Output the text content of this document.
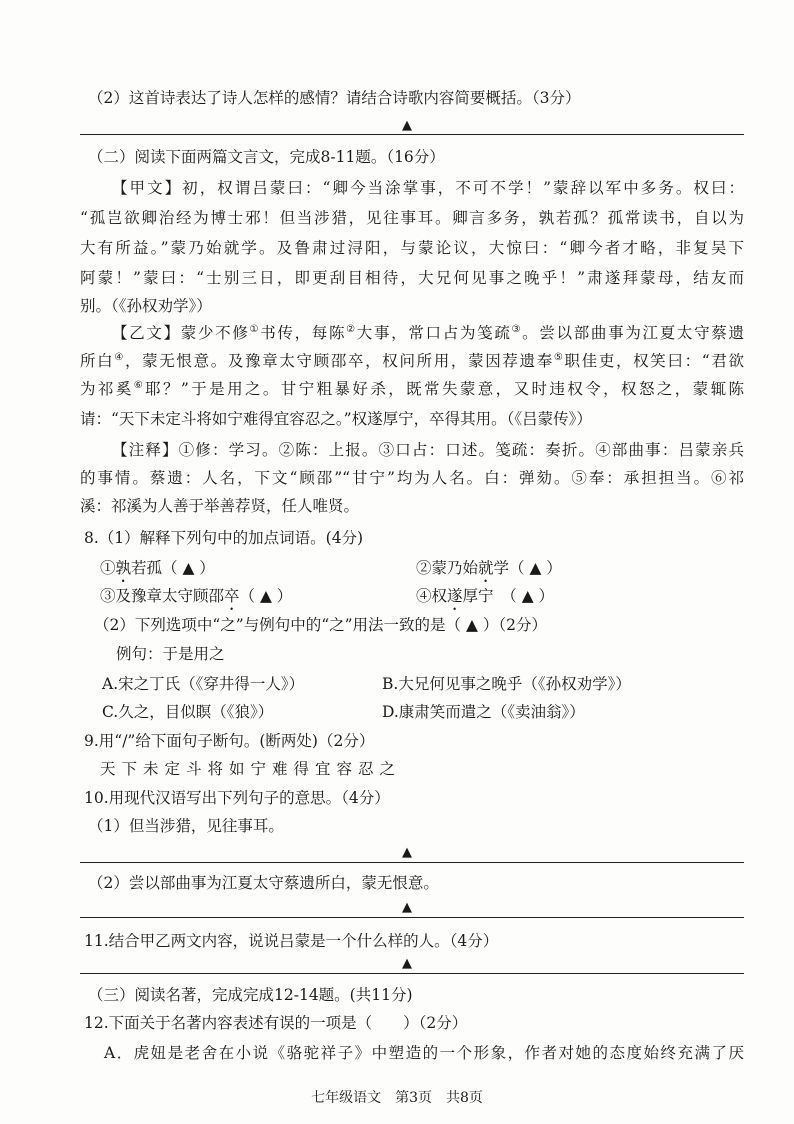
（2）这首诗表达了诗人怎样的感情？请结合诗歌内容简要概括。（3分）
▲
（二）阅读下面两篇文言文，完成8-11题。（16分）
【甲文】初，权谓吕蒙曰：“卿今当涂掌事，不可不学！”蒙辞以军中多务。权曰：
“孤岂欲卿治经为博士邪！但当涉猎，见往事耳。卿言多务，孰若孤？孤常读书，自以为
大有所益。”蒙乃始就学。及鲁肃过浔阳，与蒙论议，大惊曰：“卿今者才略，非复吴下
阿蒙！”蒙曰：“士别三日，即更刮目相待，大兄何见事之晚乎！”肃遂拜蒙母，结友而
别。（《孙权劝学》）
【乙文】蒙少不修①书传，每陈②大事，常口占为笺疏③。尝以部曲事为江夏太守蔡遗
所白④，蒙无恨意。及豫章太守顾邵卒，权问所用，蒙因荐遗奉⑤职佳吏，权笑曰：“君欲
为祁奚⑥耶？”于是用之。甘宁粗暴好杀，既常失蒙意，又时违权令，权怒之，蒙辄陈
请：“天下未定斗将如宁难得宜容忍之。”权遂厚宁，卒得其用。（《吕蒙传》）
【注释】①修：学习。②陈：上报。③口占：口述。笺疏：奏折。④部曲事：吕蒙亲兵
的事情。蔡遗：人名，下文“顾邵”“甘宁”均为人名。白：弹劾。⑤奉：承担担当。⑥祁
溪：祁溪为人善于举善荐贤，任人唯贤。
8.（1）解释下列句中的加点词语。(4分)
①孰若孤（ ▲ ）	②蒙乃始就学（ ▲ ）
③及豫章太守顾邵卒（ ▲ ）	④权遂厚宁　（ ▲ ）
（2）下列选项中“之”与例句中的“之”用法一致的是（ ▲ ）（2分）
例句：于是用之
A.宋之丁氏（《穿井得一人》）	B.大兄何见事之晚乎（《孙权劝学》）
C.久之，目似瞑（《狼》）	D.康肃笑而遣之（《卖油翁》）
9.用“/”给下面句子断句。(断两处)（2分）
天下未定斗将如宁难得宜容忍之
10.用现代汉语写出下列句子的意思。（4分）
（1）但当涉猎，见往事耳。
▲
（2）尝以部曲事为江夏太守蔡遗所白，蒙无恨意。
▲
11.结合甲乙两文内容，说说吕蒙是一个什么样的人。（4分）
▲
（三）阅读名著，完成完成12-14题。(共11分)
12.下面关于名著内容表述有误的一项是（　　）（2分）
A．虎妞是老舍在小说《骆驼祥子》中塑造的一个形象，作者对她的态度始终充满了厌
七年级语文　第3页　共8页
